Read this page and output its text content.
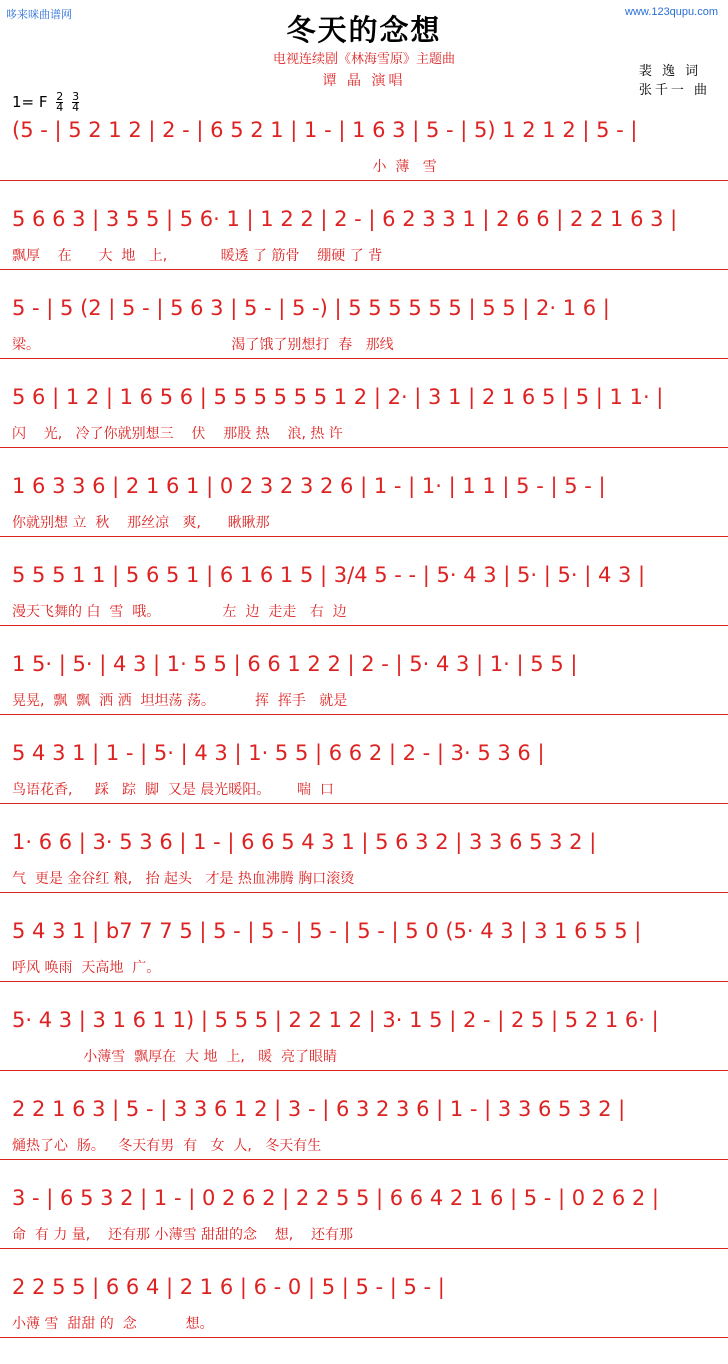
哆来咪曲谱网	www.123qupu.com
冬天的念想
电视连续剧《林海雪原》主题曲
谭 晶 演唱
裴 逸 词
张千一 曲
1= F $\frac{2}{4}$
$\frac{3}{4}$
(5 - | 5 2 1 2 | 2 - | 6 5 2 1 | 1 - | 1 6 3 | 5 - | 5) 1 2 1 2 | 5 - |
小  薄   雪
5 6 6 3 | 3 5 5 | 5 6· 1 | 1 2 2 | 2 - | 6 2 3 3 1 | 2 6 6 | 2 2 1 6 3 |
飘厚    在      大  地   上,            暖透 了 筋骨    绷硬 了 背
5 - | 5 (2 | 5 - | 5 6 3 | 5 - | 5 -) | 5 5 5 5 5 5 | 5 5 | 2· 1 6 |
梁。                                           渴了饿了别想打  春   那线
5 6 | 1 2 | 1 6 5 6 | 5 5 5 5 5 5 1 2 | 2· | 3 1 | 2 1 6 5 | 5 | 1 1· |
闪    光,   冷了你就别想三    伏    那股 热    浪, 热 许
1 6 3 3 6 | 2 1 6 1 | 0 2 3 2 3 2 6 | 1 - | 1· | 1 1 | 5 - | 5 - |
你就别想 立  秋    那丝凉   爽,      瞅瞅那
5 5 5 1 1 | 5 6 5 1 | 6 1 6 1 5 | 3/4 5 - - | 5· 4 3 | 5· | 5· | 4 3 |
漫天飞舞的 白  雪  哦。              左  边  走走   右  边
1 5· | 5· | 4 3 | 1· 5 5 | 6 6 1 2 2 | 2 - | 5· 4 3 | 1· | 5 5 |
晃晃,  飘  飘  洒 洒  坦坦荡 荡。         挥  挥手   就是
5 4 3 1 | 1 - | 5· | 4 3 | 1· 5 5 | 6 6 2 | 2 - | 3· 5 3 6 |
鸟语花香,     踩   踪  脚  又是 晨光暖阳。      喘  口
1· 6 6 | 3· 5 3 6 | 1 - | 6 6 5 4 3 1 | 5 6 3 2 | 3 3 6 5 3 2 |
气  更是 金谷红 粮,   抬 起头   才是 热血沸腾 胸口滚烫
5 4 3 1 | b7 7 7 5 | 5 - | 5 - | 5 - | 5 - | 5 0 (5· 4 3 | 3 1 6 5 5 |
呼风 唤雨  天高地  广。
5· 4 3 | 3 1 6 1 1) | 5 5 5 | 2 2 1 2 | 3· 1 5 | 2 - | 2 5 | 5 2 1 6· |
小薄雪  飘厚在  大 地  上,   暖  亮了眼睛
2 2 1 6 3 | 5 - | 3 3 6 1 2 | 3 - | 6 3 2 3 6 | 1 - | 3 3 6 5 3 2 |
熥热了心  肠。   冬天有男  有   女  人,   冬天有生
3 - | 6 5 3 2 | 1 - | 0 2 6 2 | 2 2 5 5 | 6 6 4 2 1 6 | 5 - | 0 2 6 2 |
命  有 力 量,    还有那 小薄雪 甜甜的念    想,    还有那
2 2 5 5 | 6 6 4 | 2 1 6 | 6 - 0 | 5 | 5 - | 5 - |
小薄 雪  甜甜 的  念           想。
